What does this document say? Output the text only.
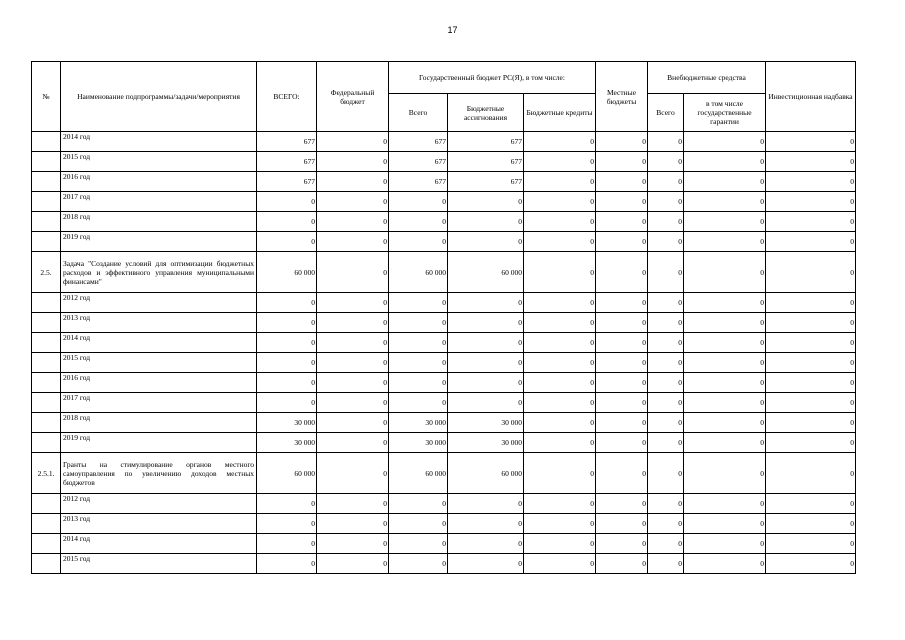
17
№	Наименование подпрограммы/задачи/мероприятия	ВСЕГО:	Федеральный бюджет	Государственный бюджет РС(Я), в том числе:			Местные бюджеты	Внебюджетные средства		Инвестиционная надбавка
				Всего	Бюджетные ассигнования	Бюджетные кредиты		Всего	в том числе государственные гарантии	
	2014 год	677	0	677	677	0	0	0	0	0
	2015 год	677	0	677	677	0	0	0	0	0
	2016 год	677	0	677	677	0	0	0	0	0
	2017 год	0	0	0	0	0	0	0	0	0
	2018 год	0	0	0	0	0	0	0	0	0
	2019 год	0	0	0	0	0	0	0	0	0
2.5.	Задача "Создание условий для оптимизации бюджетных расходов и эффективного управления муниципальными финансами"	60 000	0	60 000	60 000	0	0	0	0	0
	2012 год	0	0	0	0	0	0	0	0	0
	2013 год	0	0	0	0	0	0	0	0	0
	2014 год	0	0	0	0	0	0	0	0	0
	2015 год	0	0	0	0	0	0	0	0	0
	2016 год	0	0	0	0	0	0	0	0	0
	2017 год	0	0	0	0	0	0	0	0	0
	2018 год	30 000	0	30 000	30 000	0	0	0	0	0
	2019 год	30 000	0	30 000	30 000	0	0	0	0	0
2.5.1.	Гранты на стимулирование органов местного самоуправления по увеличению доходов местных бюджетов	60 000	0	60 000	60 000	0	0	0	0	0
	2012 год	0	0	0	0	0	0	0	0	0
	2013 год	0	0	0	0	0	0	0	0	0
	2014 год	0	0	0	0	0	0	0	0	0
	2015 год	0	0	0	0	0	0	0	0	0
